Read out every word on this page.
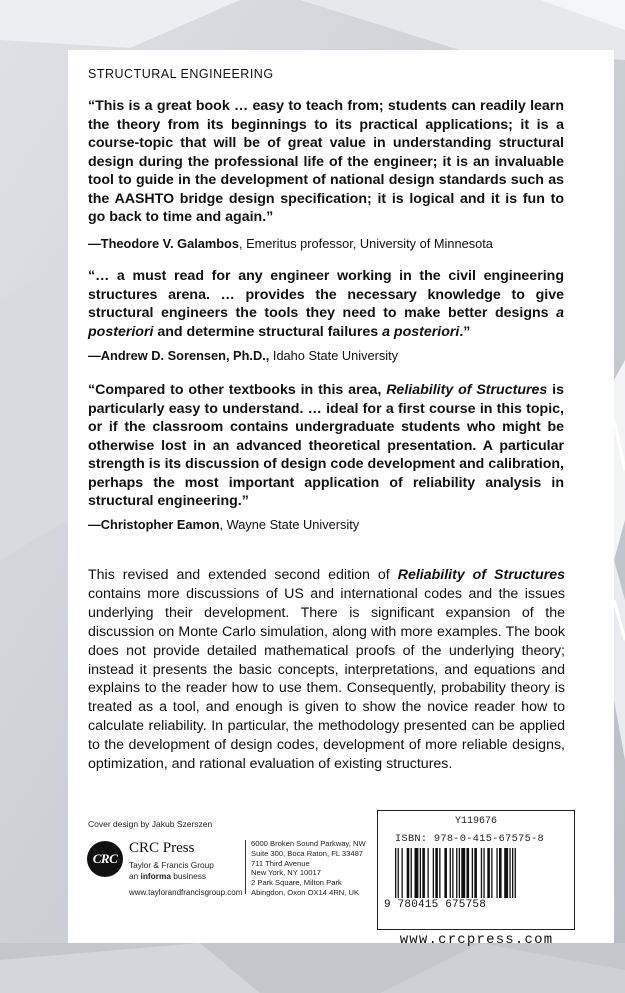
STRUCTURAL ENGINEERING
“This is a great book … easy to teach from; students can readily learn the theory from its beginnings to its practical applications; it is a course-topic that will be of great value in understanding structural design during the professional life of the engineer; it is an invaluable tool to guide in the development of national design standards such as the AASHTO bridge design specification; it is logical and it is fun to go back to time and again.”
—Theodore V. Galambos, Emeritus professor, University of Minnesota
“… a must read for any engineer working in the civil engineering structures arena. … provides the necessary knowledge to give structural engineers the tools they need to make better designs a posteriori and determine structural failures a posteriori.”
—Andrew D. Sorensen, Ph.D., Idaho State University
“Compared to other textbooks in this area, Reliability of Structures is particularly easy to understand. … ideal for a first course in this topic, or if the classroom contains undergraduate students who might be otherwise lost in an advanced theoretical presentation. A particular strength is its discussion of design code development and calibration, perhaps the most important application of reliability analysis in structural engineering.”
—Christopher Eamon, Wayne State University
This revised and extended second edition of Reliability of Structures contains more discussions of US and international codes and the issues underlying their development. There is significant expansion of the discussion on Monte Carlo simulation, along with more examples. The book does not provide detailed mathematical proofs of the underlying theory; instead it presents the basic concepts, interpretations, and equations and explains to the reader how to use them. Consequently, probability theory is treated as a tool, and enough is given to show the novice reader how to calculate reliability. In particular, the methodology presented can be applied to the development of design codes, development of more reliable designs, optimization, and rational evaluation of existing structures.
Cover design by Jakub Szerszen
CRC
CRC Press
Taylor & Francis Group
an informa business
www.taylorandfrancisgroup.com
6000 Broken Sound Parkway, NW
Suite 300, Boca Raton, FL 33487
711 Third Avenue
New York, NY 10017
2 Park Square, Milton Park
Abingdon, Oxon OX14 4RN, UK
Y119676
ISBN: 978-0-415-67575-8
9 780415 675758
www.crcpress.com
